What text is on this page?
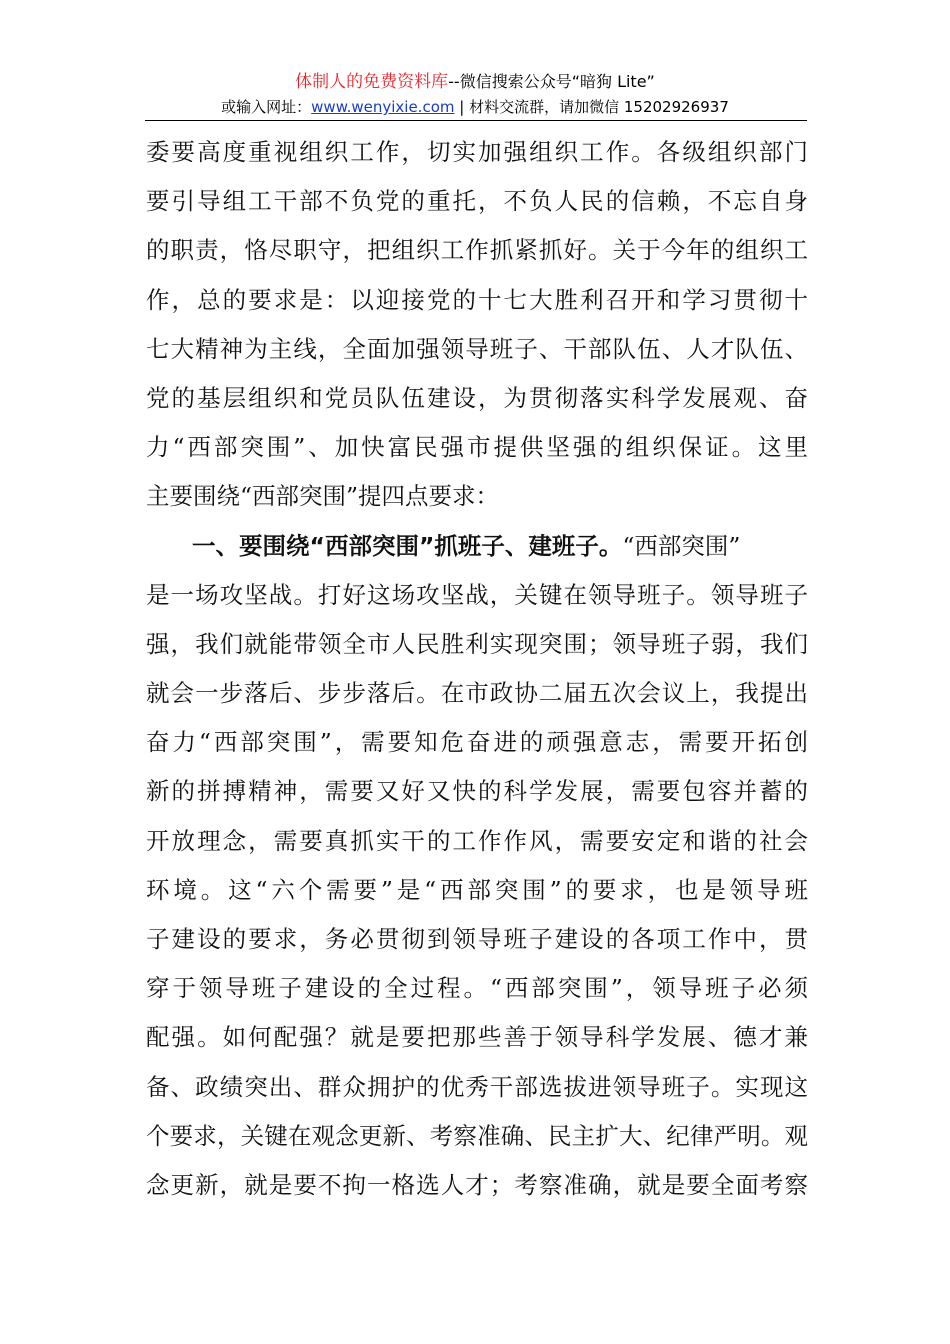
体制人的免费资料库--微信搜索公众号“暗狗 Lite”
或输入网址：www.wenyixie.com | 材料交流群，请加微信 15202926937
委要高度重视组织工作，切实加强组织工作。各级组织部门
要引导组工干部不负党的重托，不负人民的信赖，不忘自身
的职责，恪尽职守，把组织工作抓紧抓好。关于今年的组织工
作，总的要求是：以迎接党的十七大胜利召开和学习贯彻十
七大精神为主线，全面加强领导班子、干部队伍、人才队伍、
党的基层组织和党员队伍建设，为贯彻落实科学发展观、奋
力“西部突围”、加快富民强市提供坚强的组织保证。这里
主要围绕“西部突围”提四点要求：
一、要围绕“西部突围”抓班子、建班子。“西部突围”
是一场攻坚战。打好这场攻坚战，关键在领导班子。领导班子
强，我们就能带领全市人民胜利实现突围；领导班子弱，我们
就会一步落后、步步落后。在市政协二届五次会议上，我提出
奋力“西部突围”，需要知危奋进的顽强意志，需要开拓创
新的拼搏精神，需要又好又快的科学发展，需要包容并蓄的
开放理念，需要真抓实干的工作作风，需要安定和谐的社会
环境。这“六个需要”是“西部突围”的要求，也是领导班
子建设的要求，务必贯彻到领导班子建设的各项工作中，贯
穿于领导班子建设的全过程。“西部突围”，领导班子必须
配强。如何配强？就是要把那些善于领导科学发展、德才兼
备、政绩突出、群众拥护的优秀干部选拔进领导班子。实现这
个要求，关键在观念更新、考察准确、民主扩大、纪律严明。观
念更新，就是要不拘一格选人才；考察准确，就是要全面考察
